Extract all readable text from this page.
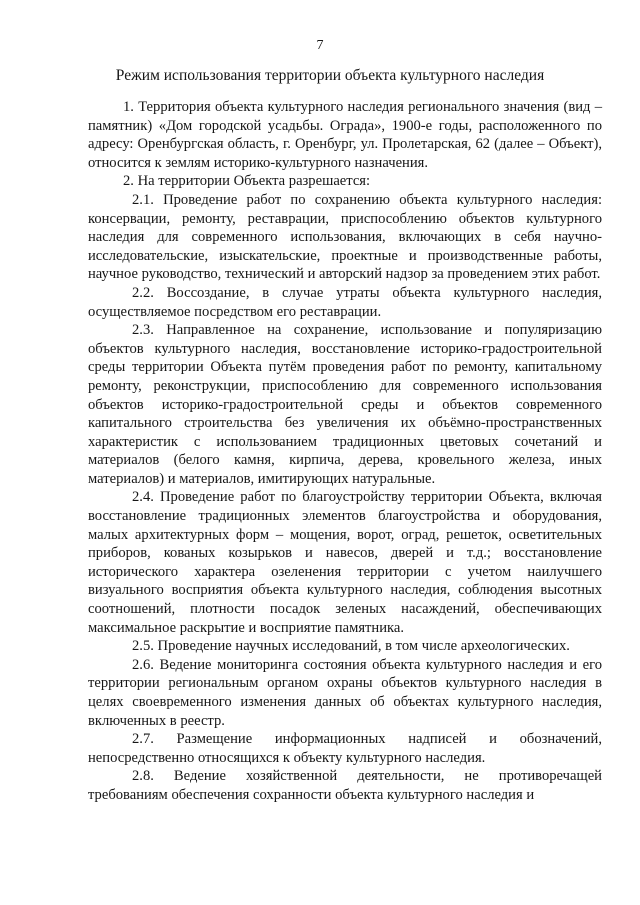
7
Режим использования территории объекта культурного наследия

1. Территория объекта культурного наследия регионального значения (вид – памятник) «Дом городской усадьбы. Ограда», 1900-е годы, расположенного по адресу: Оренбургская область, г. Оренбург, ул. Пролетарская, 62 (далее – Объект), относится к землям историко-культурного назначения.

2. На территории Объекта разрешается:

2.1. Проведение работ по сохранению объекта культурного наследия: консервации, ремонту, реставрации, приспособлению объектов культурного наследия для современного использования, включающих в себя научно-исследовательские, изыскательские, проектные и производственные работы, научное руководство, технический и авторский надзор за проведением этих работ.

2.2. Воссоздание, в случае утраты объекта культурного наследия, осуществляемое посредством его реставрации.

2.3. Направленное на сохранение, использование и популяризацию объектов культурного наследия, восстановление историко-градостроительной среды территории Объекта путём проведения работ по ремонту, капитальному ремонту, реконструкции, приспособлению для современного использования объектов историко-градостроительной среды и объектов современного капитального строительства без увеличения их объёмно-пространственных характеристик с использованием традиционных цветовых сочетаний и материалов (белого камня, кирпича, дерева, кровельного железа, иных материалов) и материалов, имитирующих натуральные.

2.4. Проведение работ по благоустройству территории Объекта, включая восстановление традиционных элементов благоустройства и оборудования, малых архитектурных форм – мощения, ворот, оград, решеток, осветительных приборов, кованых козырьков и навесов, дверей и т.д.; восстановление исторического характера озеленения территории с учетом наилучшего визуального восприятия объекта культурного наследия, соблюдения высотных соотношений, плотности посадок зеленых насаждений, обеспечивающих максимальное раскрытие и восприятие памятника.

2.5. Проведение научных исследований, в том числе археологических.

2.6. Ведение мониторинга состояния объекта культурного наследия и его территории региональным органом охраны объектов культурного наследия в целях своевременного изменения данных об объектах культурного наследия, включенных в реестр.

2.7. Размещение информационных надписей и обозначений, непосредственно относящихся к объекту культурного наследия.

2.8. Ведение хозяйственной деятельности, не противоречащей требованиям обеспечения сохранности объекта культурного наследия и
